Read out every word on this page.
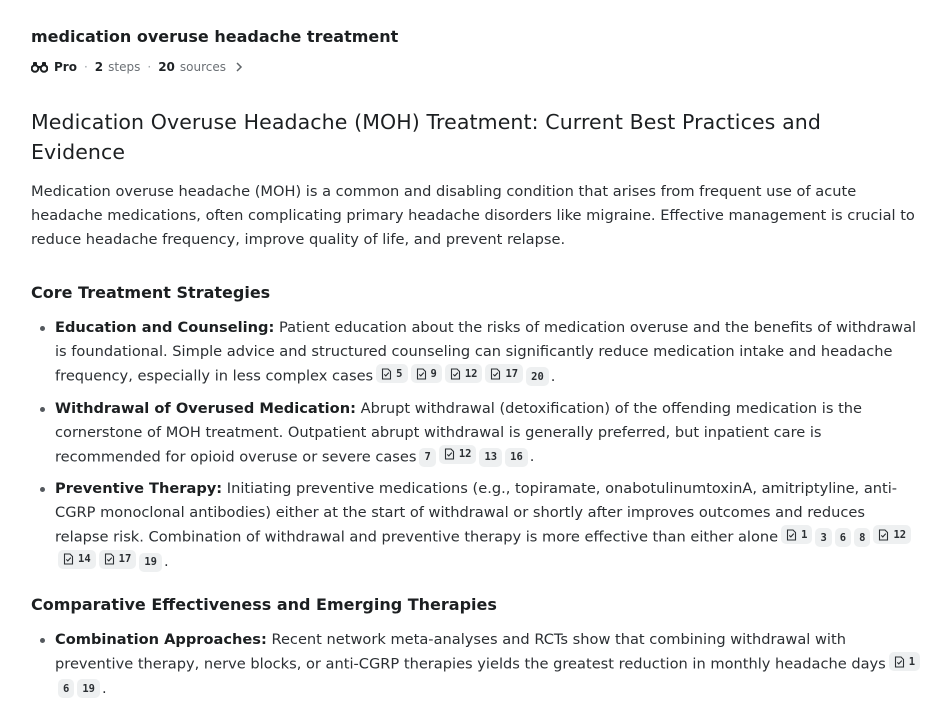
medication overuse headache treatment
Pro · 2 steps · 20 sources
Medication Overuse Headache (MOH) Treatment: Current Best Practices and Evidence

Medication overuse headache (MOH) is a common and disabling condition that arises from frequent use of acute headache medications, often complicating primary headache disorders like migraine. Effective management is crucial to reduce headache frequency, improve quality of life, and prevent relapse.

Core Treatment Strategies
Education and Counseling: Patient education about the risks of medication overuse and the benefits of withdrawal is foundational. Simple advice and structured counseling can significantly reduce medication intake and headache frequency, especially in less complex cases 5	9	12	17 20 .
Withdrawal of Overused Medication: Abrupt withdrawal (detoxification) of the offending medication is the cornerstone of MOH treatment. Outpatient abrupt withdrawal is generally preferred, but inpatient care is recommended for opioid overuse or severe cases 7	12 13 16 .
Preventive Therapy: Initiating preventive medications (e.g., topiramate, onabotulinumtoxinA, amitriptyline, anti-CGRP monoclonal antibodies) either at the start of withdrawal or shortly after improves outcomes and reduces relapse risk. Combination of withdrawal and preventive therapy is more effective than either alone 1 3 6 8	12
14	17 19 .
Comparative Effectiveness and Emerging Therapies
Combination Approaches: Recent network meta-analyses and RCTs show that combining withdrawal with preventive therapy, nerve blocks, or anti-CGRP therapies yields the greatest reduction in monthly headache days 1
6 19 .
